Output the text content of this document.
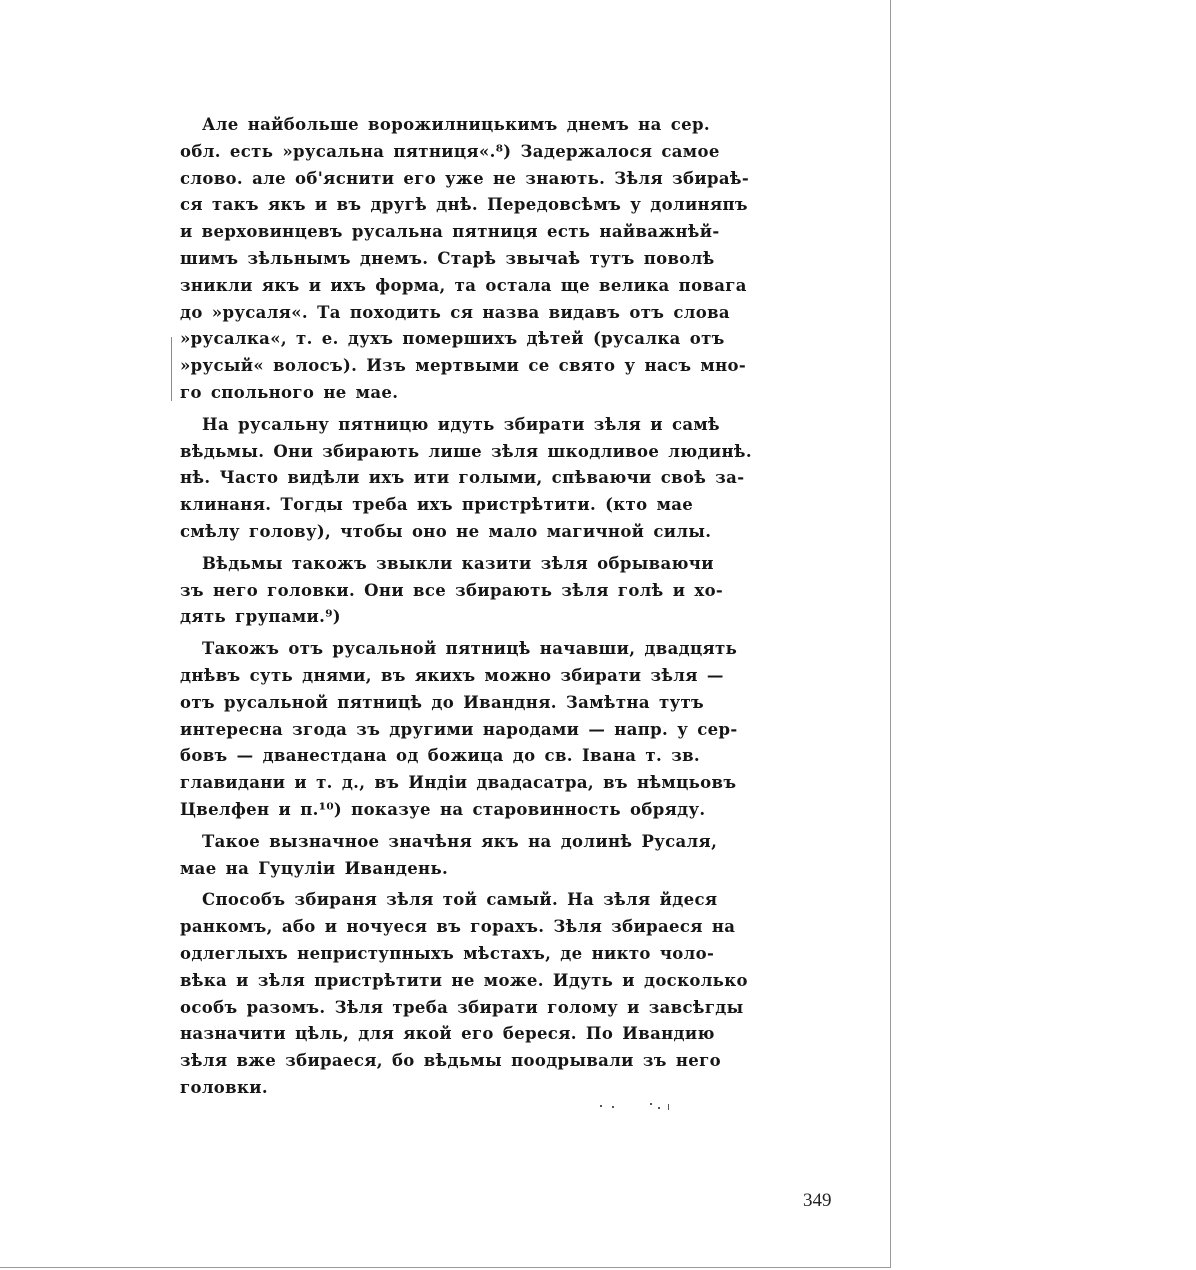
Але найбольше ворожилницькимъ днемъ на сер.
обл. есть »русальна пятниця«.⁸) Задержалося самое
слово. але об'яснити его уже не знають. Зѣля збираѣ-
ся такъ якъ и въ другѣ днѣ. Передовсѣмъ у долиняпъ
и верховинцевъ русальна пятниця есть найважнѣй-
шимъ зѣльнымъ днемъ. Старѣ звычаѣ тутъ поволѣ
зникли якъ и ихъ форма, та остала ще велика повага
до »русаля«. Та походить ся назва видавъ отъ слова
»русалка«, т. е. духъ помершихъ дѣтей (русалка отъ
»русый« волосъ). Изъ мертвыми се свято у насъ мно-
го спольного не мае.

На русальну пятницю идуть збирати зѣля и самѣ
вѣдьмы. Они збирають лише зѣля шкодливое людинѣ.
нѣ. Часто видѣли ихъ ити голыми, спѣваючи своѣ за-
клинаня. Тогды треба ихъ пристрѣтити. (кто мае
смѣлу голову), чтобы оно не мало магичной силы.

Вѣдьмы такожъ звыкли казити зѣля обрываючи
зъ него головки. Они все збирають зѣля голѣ и хо-
дять групами.⁹)

Такожъ отъ русальной пятницѣ начавши, двадцять
днѣвъ суть днями, въ якихъ можно збирати зѣля —
отъ русальной пятницѣ до Ивандня. Замѣтна тутъ
интересна згода зъ другими народами — напр. у сер-
бовъ — дванестдана од божица до св. Івана т. зв.
главидани и т. д., въ Индіи двадасатра, въ нѣмцьовъ
Цвелфен и п.¹⁰) показуе на старовинность обряду.

Такое вызначное значѣня якъ на долинѣ Русаля,
мае на Гуцуліи Ивандень.

Способъ збираня зѣля той самый. На зѣля йдеся
ранкомъ, або и ночуеся въ горахъ. Зѣля збираеся на
одлеглыхъ неприступныхъ мѣстахъ, де никто чоло-
вѣка и зѣля пристрѣтити не може. Идуть и досколько
особъ разомъ. Зѣля треба збирати голому и завсѣгды
назначити цѣль, для якой его береся. По Ивандию
зѣля вже збираеся, бо вѣдьмы поодрывали зъ него
головки.

349
